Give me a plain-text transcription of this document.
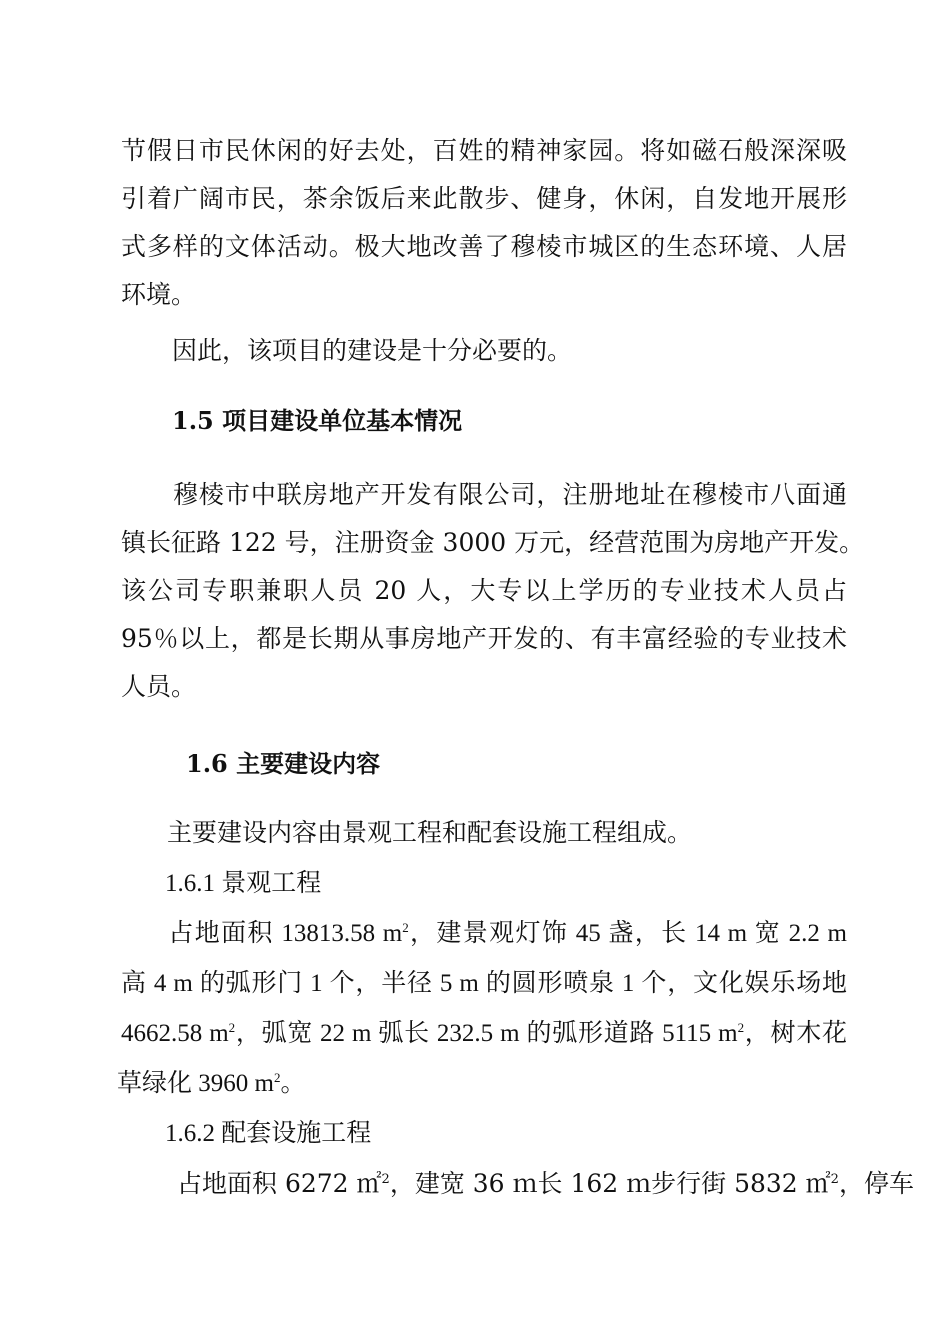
节假日市民休闲的好去处，百姓的精神家园。将如磁石般深深吸
引着广阔市民，茶余饭后来此散步、健身，休闲，自发地开展形
式多样的文体活动。极大地改善了穆棱市城区的生态环境、人居
环境。
因此，该项目的建设是十分必要的。
1.5 项目建设单位基本情况
穆棱市中联房地产开发有限公司，注册地址在穆棱市八面通
镇长征路 122 号，注册资金 3000 万元，经营范围为房地产开发。
该公司专职兼职人员 20 人，大专以上学历的专业技术人员占
95％以上，都是长期从事房地产开发的、有丰富经验的专业技术
人员。
1.6 主要建设内容
主要建设内容由景观工程和配套设施工程组成。
1.6.1 景观工程
占地面积 13813.58 $m^2$，建景观灯饰 45 盏，长 14 m 宽 2.2 m
高 4 m 的弧形门 1 个，半径 5 m 的圆形喷泉 1 个，文化娱乐场地
4662.58 $m^2$，弧宽 22 m 弧长 232.5 m 的弧形道路 5115 $m^2$，树木花
草绿化 3960 $m^2$。
1.6.2 配套设施工程
占地面积 6272 ㎡$^2$，建宽 36 ｍ长 162 ｍ步行街 5832 ㎡$^2$，停车
